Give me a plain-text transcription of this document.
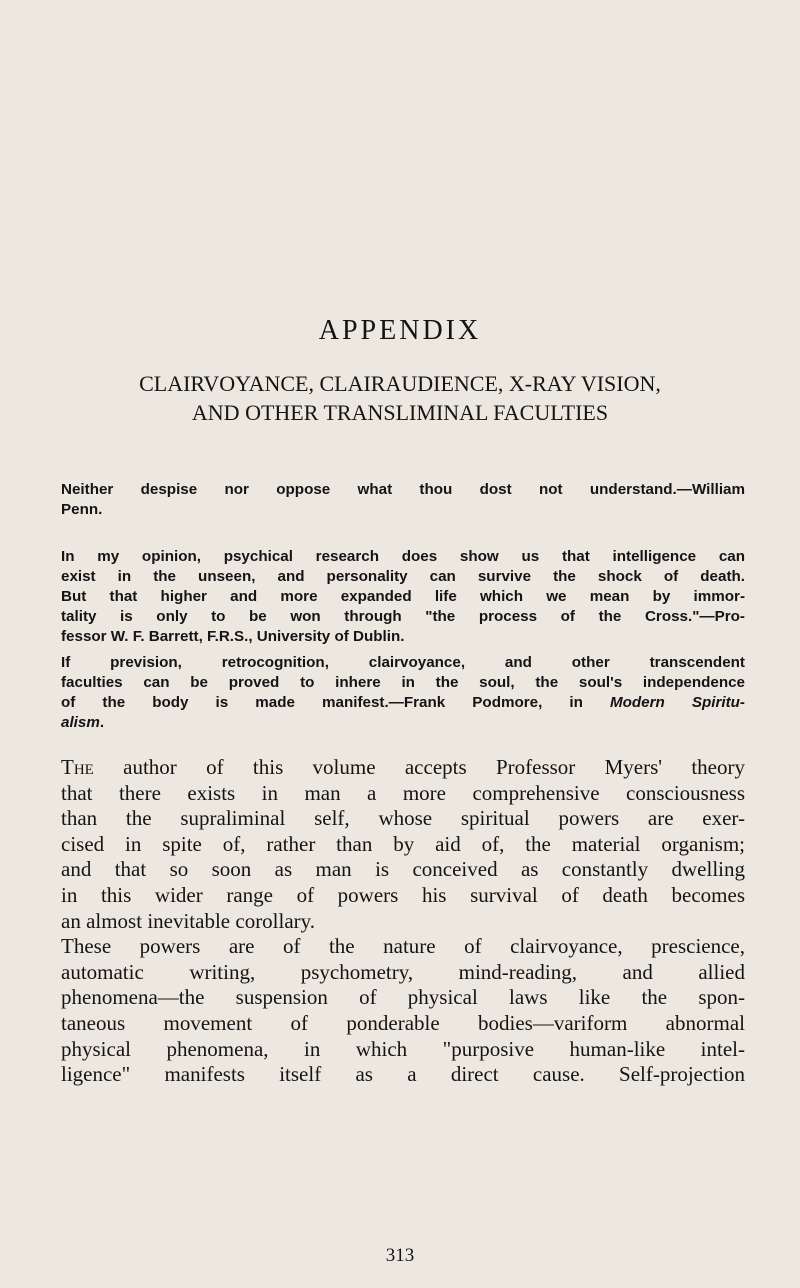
APPENDIX
CLAIRVOYANCE, CLAIRAUDIENCE, X-RAY VISION,
AND OTHER TRANSLIMINAL FACULTIES
Neither despise nor oppose what thou dost not understand.—William
Penn.
In my opinion, psychical research does show us that intelligence can
exist in the unseen, and personality can survive the shock of death.
But that higher and more expanded life which we mean by immor-
tality is only to be won through "the process of the Cross."—Pro-
fessor W. F. Barrett, F.R.S., University of Dublin.
If prevision, retrocognition, clairvoyance, and other transcendent
faculties can be proved to inhere in the soul, the soul's independence
of the body is made manifest.—Frank Podmore, in Modern Spiritu-
alism.
The author of this volume accepts Professor Myers' theory
that there exists in man a more comprehensive consciousness
than the supraliminal self, whose spiritual powers are exer-
cised in spite of, rather than by aid of, the material organism;
and that so soon as man is conceived as constantly dwelling
in this wider range of powers his survival of death becomes
an almost inevitable corollary.
These powers are of the nature of clairvoyance, prescience,
automatic writing, psychometry, mind-reading, and allied
phenomena—the suspension of physical laws like the spon-
taneous movement of ponderable bodies—variform abnormal
physical phenomena, in which "purposive human-like intel-
ligence" manifests itself as a direct cause. Self-projection
313
